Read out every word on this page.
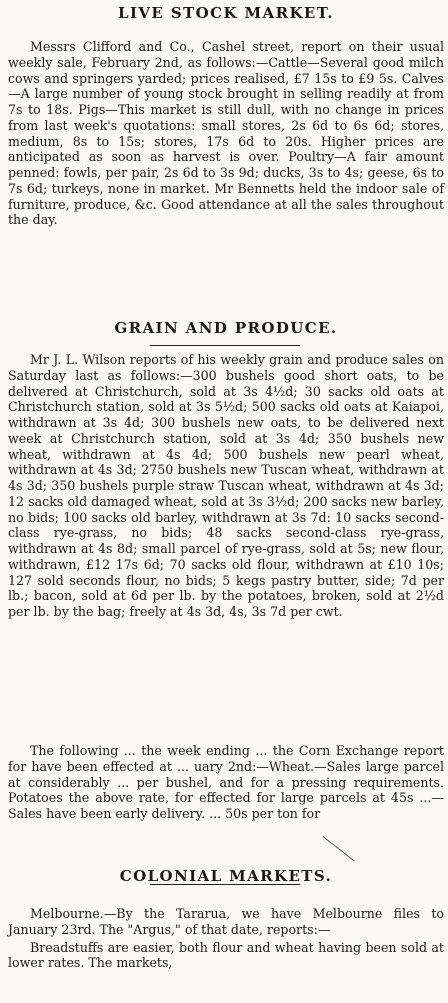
LIVE STOCK MARKET.

Messrs Clifford and Co., Cashel street, report on their usual weekly sale, February 2nd, as follows:—Cattle—Several good milch cows and springers yarded; prices realised, £7 15s to £9 5s. Calves—A large number of young stock brought in selling readily at from 7s to 18s. Pigs—This market is still dull, with no change in prices from last week's quotations: small stores, 2s 6d to 6s 6d; stores, medium, 8s to 15s; stores, 17s 6d to 20s. Higher prices are anticipated as soon as harvest is over. Poultry—A fair amount penned: fowls, per pair, 2s 6d to 3s 9d; ducks, 3s to 4s; geese, 6s to 7s 6d; turkeys, none in market. Mr Bennetts held the indoor sale of furniture, produce, &c. Good attendance at all the sales throughout the day.

GRAIN AND PRODUCE.

Mr J. L. Wilson reports of his weekly grain and produce sales on Saturday last as follows:—300 bushels good short oats, to be delivered at Christchurch, sold at 3s 4½d; 30 sacks old oats at Christchurch station, sold at 3s 5½d; 500 sacks old oats at Kaiapoi, withdrawn at 3s 4d; 300 bushels new oats, to be delivered next week at Christchurch station, sold at 3s 4d; 350 bushels new wheat, withdrawn at 4s 4d; 500 bushels new pearl wheat, withdrawn at 4s 3d; 2750 bushels new Tuscan wheat, withdrawn at 4s 3d; 350 bushels purple straw Tuscan wheat, withdrawn at 4s 3d; 12 sacks old damaged wheat, sold at 3s 3½d; 200 sacks new barley, no bids; 100 sacks old barley, withdrawn at 3s 7d: 10 sacks second-class rye-grass, no bids; 48 sacks second-class rye-grass, withdrawn at 4s 8d; small parcel of rye-grass, sold at 5s; new flour, withdrawn, £12 17s 6d; 70 sacks old flour, withdrawn at £10 10s; 127 sold seconds flour, no bids; 5 kegs pastry butter, side; 7d per lb.; bacon, sold at 6d per lb. by the potatoes, broken, sold at 2½d per lb. by the bag; freely at 4s 3d, 4s, 3s 7d per cwt.

The following ... the week ending ... the Corn Exchange report for have been effected at ... uary 2nd:—Wheat.—Sales large parcel at considerably ... per bushel, and for a pressing requirements. Potatoes the above rate, for effected for large parcels at 45s ...—Sales have been early delivery. ... 50s per ton for

COLONIAL MARKETS.

Melbourne.—By the Tararua, we have Melbourne files to January 23rd. The "Argus," of that date, reports:—

Breadstuffs are easier, both flour and wheat having been sold at lower rates. The markets,
